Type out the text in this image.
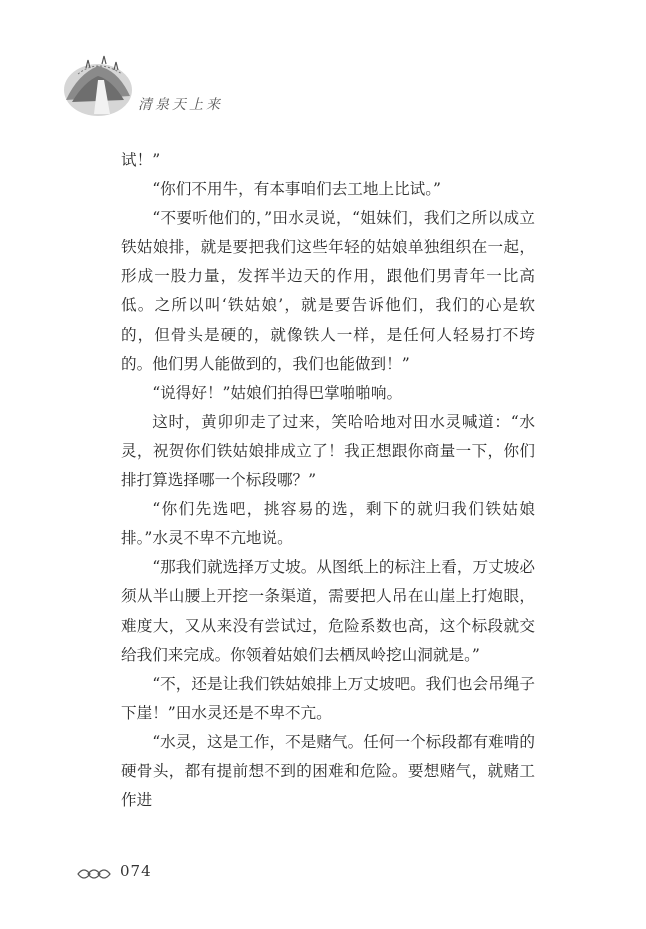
清泉天上来

试！”

“你们不用牛，有本事咱们去工地上比试。”

“不要听他们的，”田水灵说，“姐妹们，我们之所以成立铁姑娘排，就是要把我们这些年轻的姑娘单独组织在一起，形成一股力量，发挥半边天的作用，跟他们男青年一比高低。之所以叫‘铁姑娘’，就是要告诉他们，我们的心是软的，但骨头是硬的，就像铁人一样，是任何人轻易打不垮的。他们男人能做到的，我们也能做到！”

“说得好！”姑娘们拍得巴掌啪啪响。

这时，黄卯卯走了过来，笑哈哈地对田水灵喊道：“水灵，祝贺你们铁姑娘排成立了！我正想跟你商量一下，你们排打算选择哪一个标段哪？”

“你们先选吧，挑容易的选，剩下的就归我们铁姑娘排。”水灵不卑不亢地说。

“那我们就选择万丈坡。从图纸上的标注上看，万丈坡必须从半山腰上开挖一条渠道，需要把人吊在山崖上打炮眼，难度大，又从来没有尝试过，危险系数也高，这个标段就交给我们来完成。你领着姑娘们去栖凤岭挖山洞就是。”

“不，还是让我们铁姑娘排上万丈坡吧。我们也会吊绳子下崖！”田水灵还是不卑不亢。

“水灵，这是工作，不是赌气。任何一个标段都有难啃的硬骨头，都有提前想不到的困难和危险。要想赌气，就赌工作进

074
